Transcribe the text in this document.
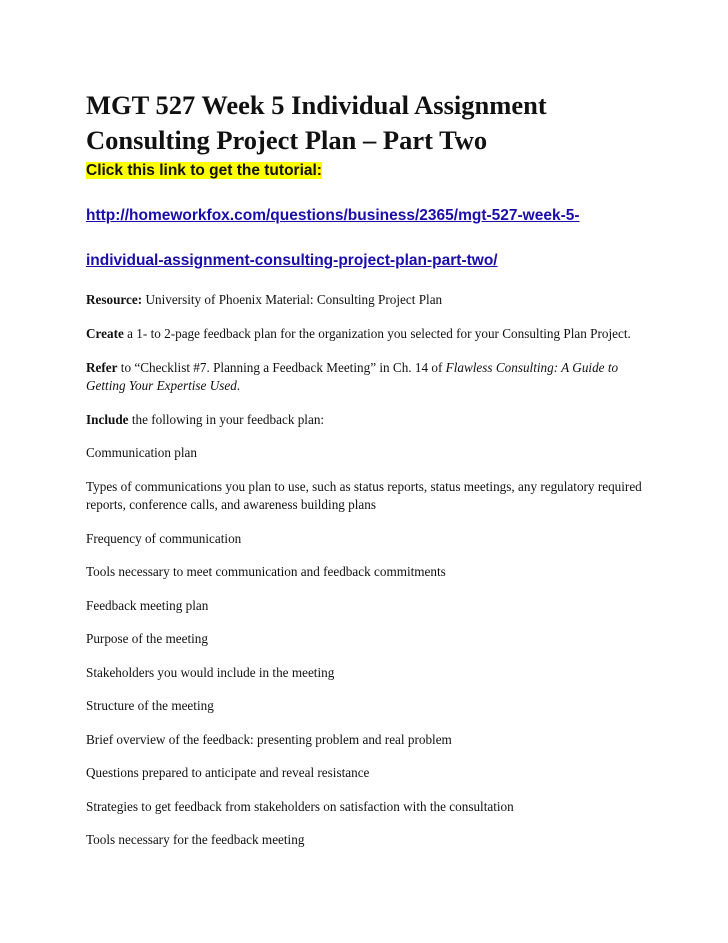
MGT 527 Week 5 Individual Assignment
Consulting Project Plan – Part Two
Click this link to get the tutorial:

http://homeworkfox.com/questions/business/2365/mgt-527-week-5-

individual-assignment-consulting-project-plan-part-two/

Resource: University of Phoenix Material: Consulting Project Plan

Create a 1- to 2-page feedback plan for the organization you selected for your Consulting Plan Project.

Refer to “Checklist #7. Planning a Feedback Meeting” in Ch. 14 of Flawless Consulting: A Guide to Getting Your Expertise Used.

Include the following in your feedback plan:

Communication plan

Types of communications you plan to use, such as status reports, status meetings, any regulatory required reports, conference calls, and awareness building plans

Frequency of communication

Tools necessary to meet communication and feedback commitments

Feedback meeting plan

Purpose of the meeting

Stakeholders you would include in the meeting

Structure of the meeting

Brief overview of the feedback: presenting problem and real problem

Questions prepared to anticipate and reveal resistance

Strategies to get feedback from stakeholders on satisfaction with the consultation

Tools necessary for the feedback meeting
